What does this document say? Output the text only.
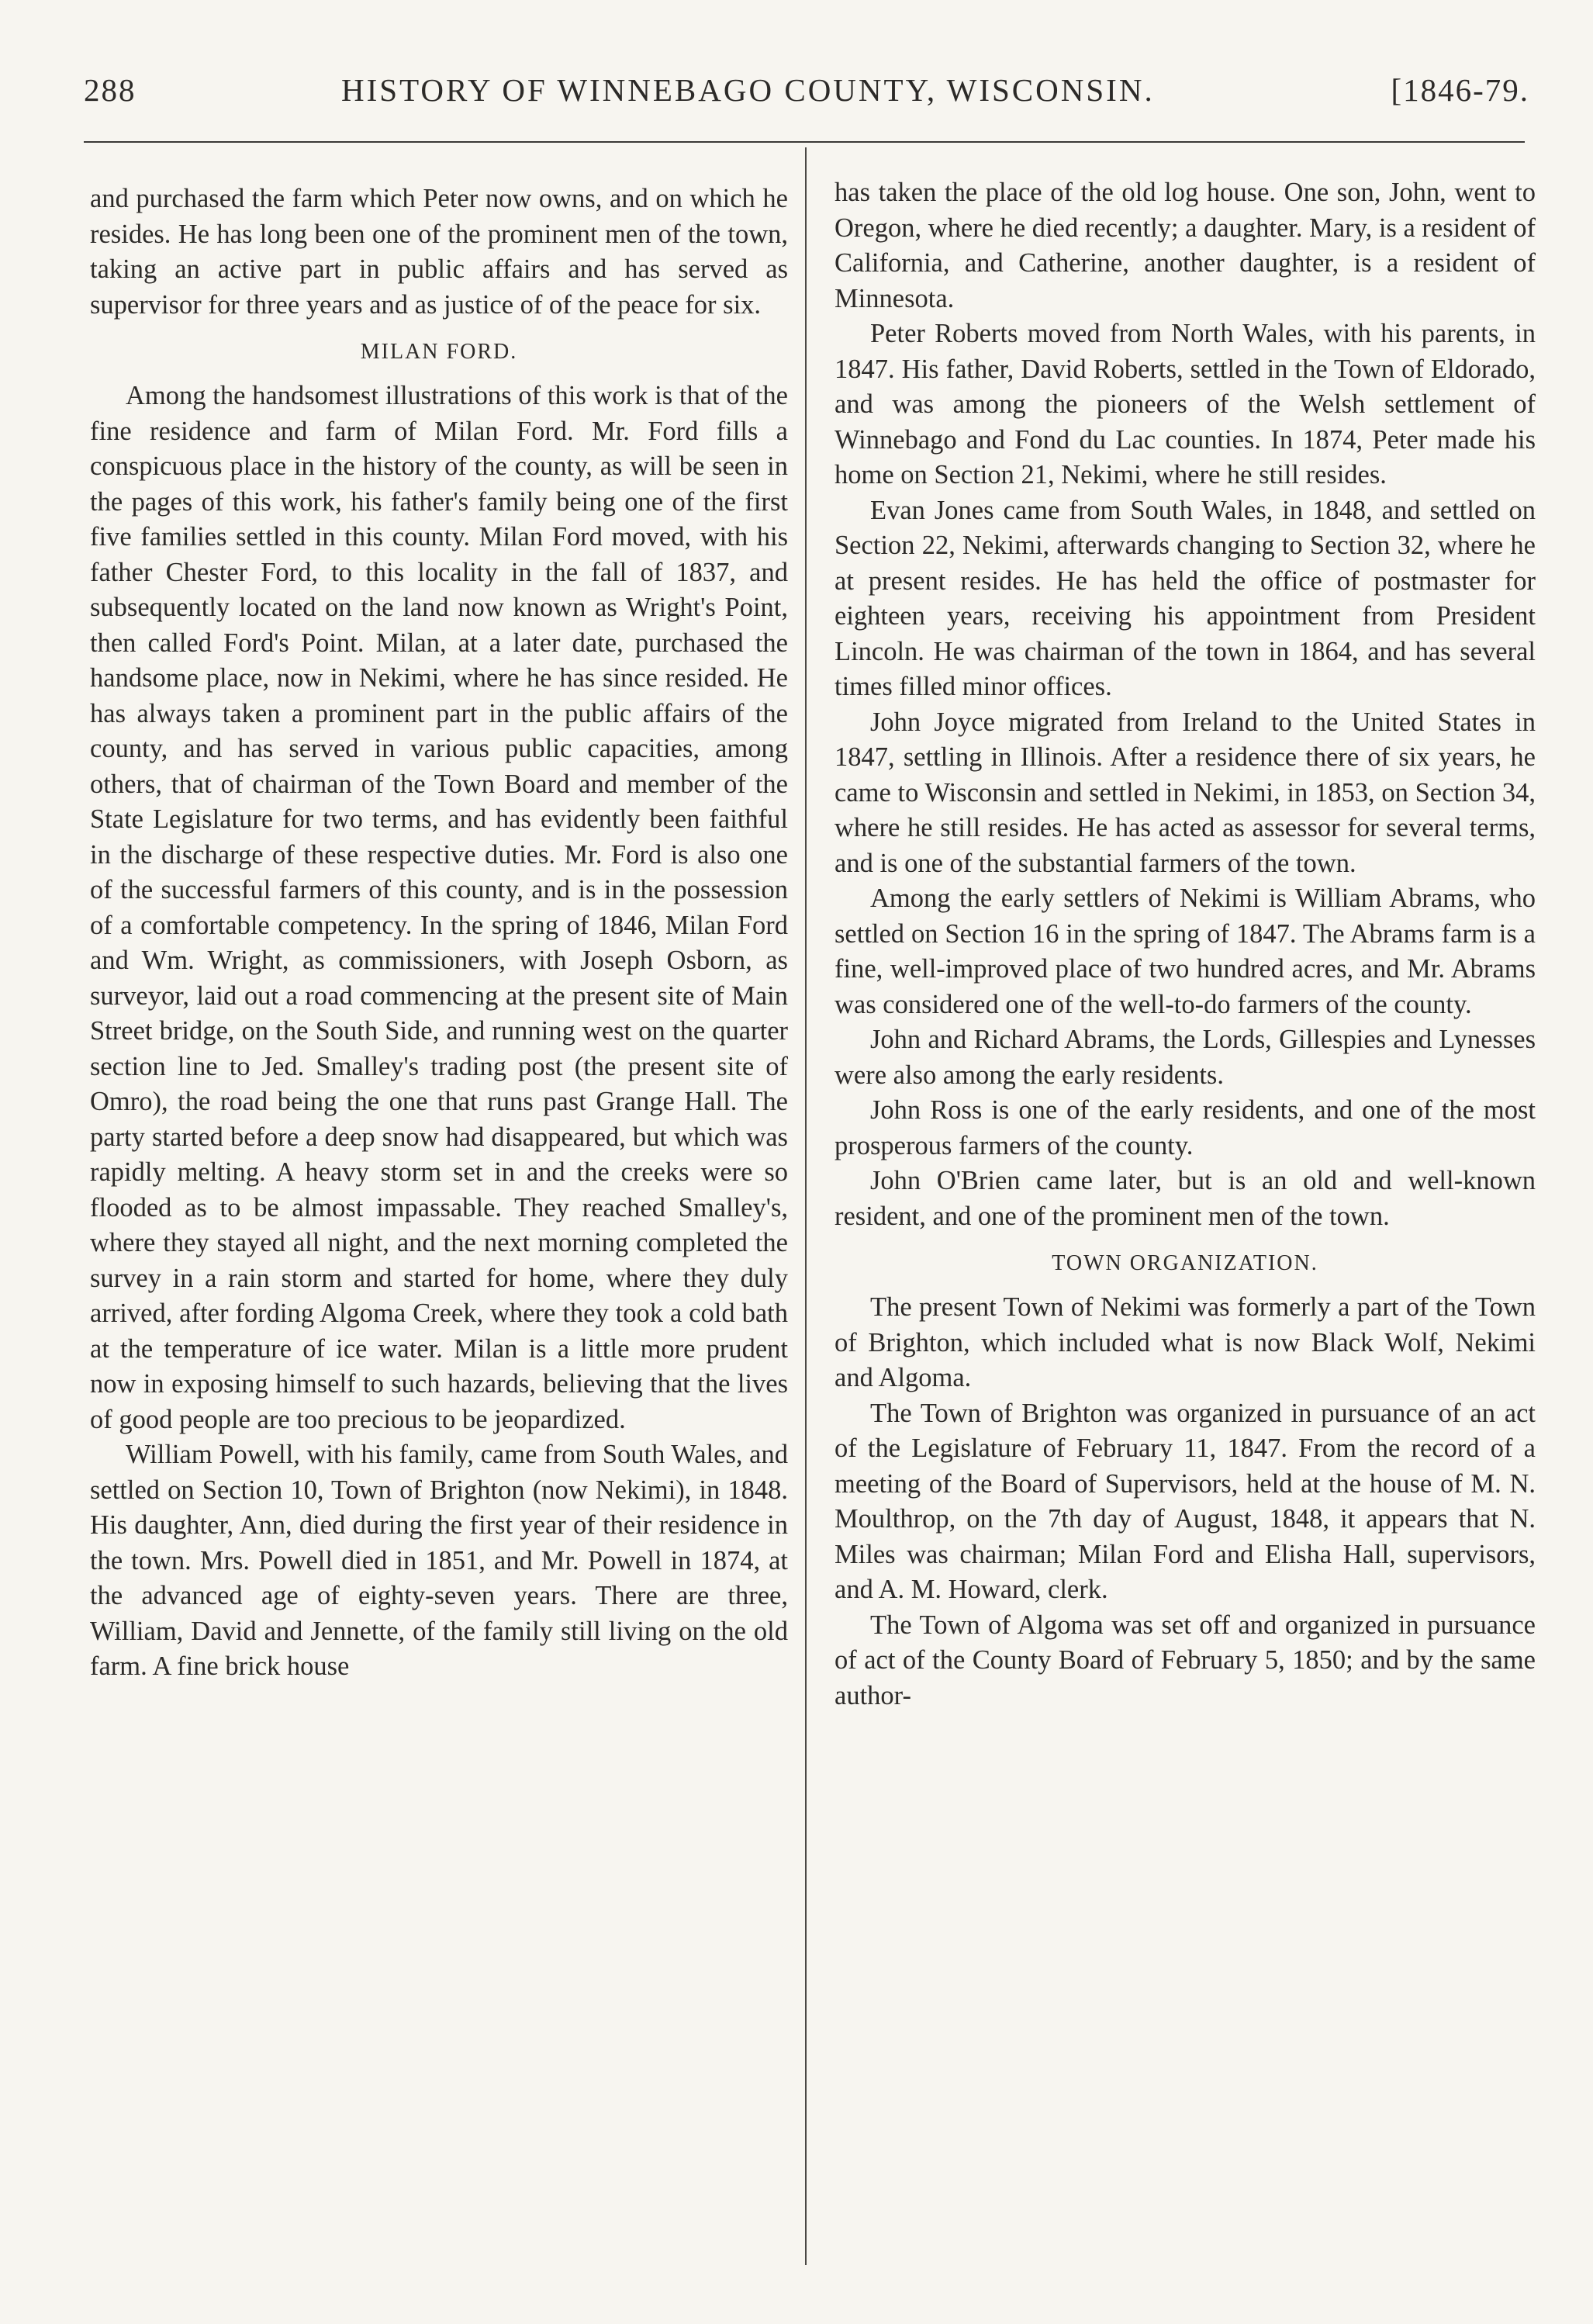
288	HISTORY OF WINNEBAGO COUNTY, WISCONSIN.	[1846-79.

and purchased the farm which Peter now owns, and on which he resides. He has long been one of the prominent men of the town, taking an active part in public affairs and has served as supervisor for three years and as justice of of the peace for six.

MILAN FORD.

Among the handsomest illustrations of this work is that of the fine residence and farm of Milan Ford. Mr. Ford fills a conspicuous place in the history of the county, as will be seen in the pages of this work, his father's family being one of the first five families settled in this county. Milan Ford moved, with his father Chester Ford, to this locality in the fall of 1837, and subsequently located on the land now known as Wright's Point, then called Ford's Point. Milan, at a later date, purchased the handsome place, now in Nekimi, where he has since resided. He has always taken a prominent part in the public affairs of the county, and has served in various public capacities, among others, that of chairman of the Town Board and member of the State Legislature for two terms, and has evidently been faithful in the discharge of these respective duties. Mr. Ford is also one of the successful farmers of this county, and is in the possession of a comfortable competency. In the spring of 1846, Milan Ford and Wm. Wright, as commissioners, with Joseph Osborn, as surveyor, laid out a road commencing at the present site of Main Street bridge, on the South Side, and running west on the quarter section line to Jed. Smalley's trading post (the present site of Omro), the road being the one that runs past Grange Hall. The party started before a deep snow had disappeared, but which was rapidly melting. A heavy storm set in and the creeks were so flooded as to be almost impassable. They reached Smalley's, where they stayed all night, and the next morning completed the survey in a rain storm and started for home, where they duly arrived, after fording Algoma Creek, where they took a cold bath at the temperature of ice water. Milan is a little more prudent now in exposing himself to such hazards, believing that the lives of good people are too precious to be jeopardized.

William Powell, with his family, came from South Wales, and settled on Section 10, Town of Brighton (now Nekimi), in 1848. His daughter, Ann, died during the first year of their residence in the town. Mrs. Powell died in 1851, and Mr. Powell in 1874, at the advanced age of eighty-seven years. There are three, William, David and Jennette, of the family still living on the old farm. A fine brick house

has taken the place of the old log house. One son, John, went to Oregon, where he died recently; a daughter. Mary, is a resident of California, and Catherine, another daughter, is a resident of Minnesota.

Peter Roberts moved from North Wales, with his parents, in 1847. His father, David Roberts, settled in the Town of Eldorado, and was among the pioneers of the Welsh settlement of Winnebago and Fond du Lac counties. In 1874, Peter made his home on Section 21, Nekimi, where he still resides.

Evan Jones came from South Wales, in 1848, and settled on Section 22, Nekimi, afterwards changing to Section 32, where he at present resides. He has held the office of postmaster for eighteen years, receiving his appointment from President Lincoln. He was chairman of the town in 1864, and has several times filled minor offices.

John Joyce migrated from Ireland to the United States in 1847, settling in Illinois. After a residence there of six years, he came to Wisconsin and settled in Nekimi, in 1853, on Section 34, where he still resides. He has acted as assessor for several terms, and is one of the substantial farmers of the town.

Among the early settlers of Nekimi is William Abrams, who settled on Section 16 in the spring of 1847. The Abrams farm is a fine, well-improved place of two hundred acres, and Mr. Abrams was considered one of the well-to-do farmers of the county.

John and Richard Abrams, the Lords, Gillespies and Lynesses were also among the early residents.

John Ross is one of the early residents, and one of the most prosperous farmers of the county.

John O'Brien came later, but is an old and well-known resident, and one of the prominent men of the town.

TOWN ORGANIZATION.

The present Town of Nekimi was formerly a part of the Town of Brighton, which included what is now Black Wolf, Nekimi and Algoma.

The Town of Brighton was organized in pursuance of an act of the Legislature of February 11, 1847. From the record of a meeting of the Board of Supervisors, held at the house of M. N. Moulthrop, on the 7th day of August, 1848, it appears that N. Miles was chairman; Milan Ford and Elisha Hall, supervisors, and A. M. Howard, clerk.

The Town of Algoma was set off and organized in pursuance of act of the County Board of February 5, 1850; and by the same author-
